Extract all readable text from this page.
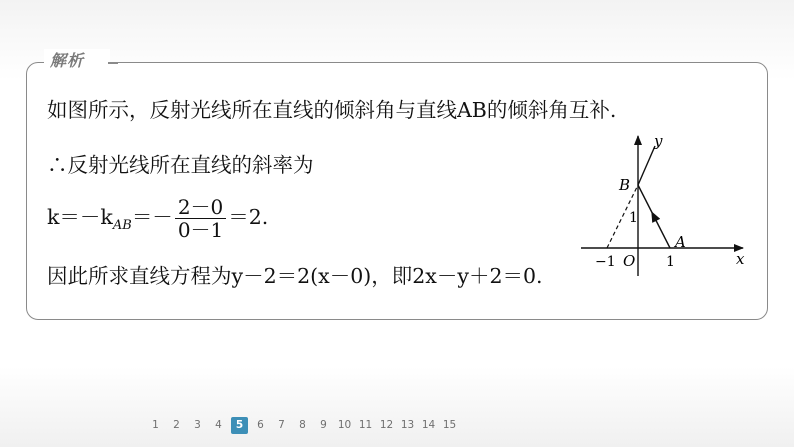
解析
如图所示，反射光线所在直线的倾斜角与直线AB的倾斜角互补.
∴反射光线所在直线的斜率为
$k=-k_{AB}=- \frac{2-0}{0-1} =2$.
因此所求直线方程为y－2＝2(x－0)，即2x－y＋2＝0.
y
x
B
A
O
1
1
−1
1	2	3	4	5	6	7	8	9	10 11 12 13 14 15
